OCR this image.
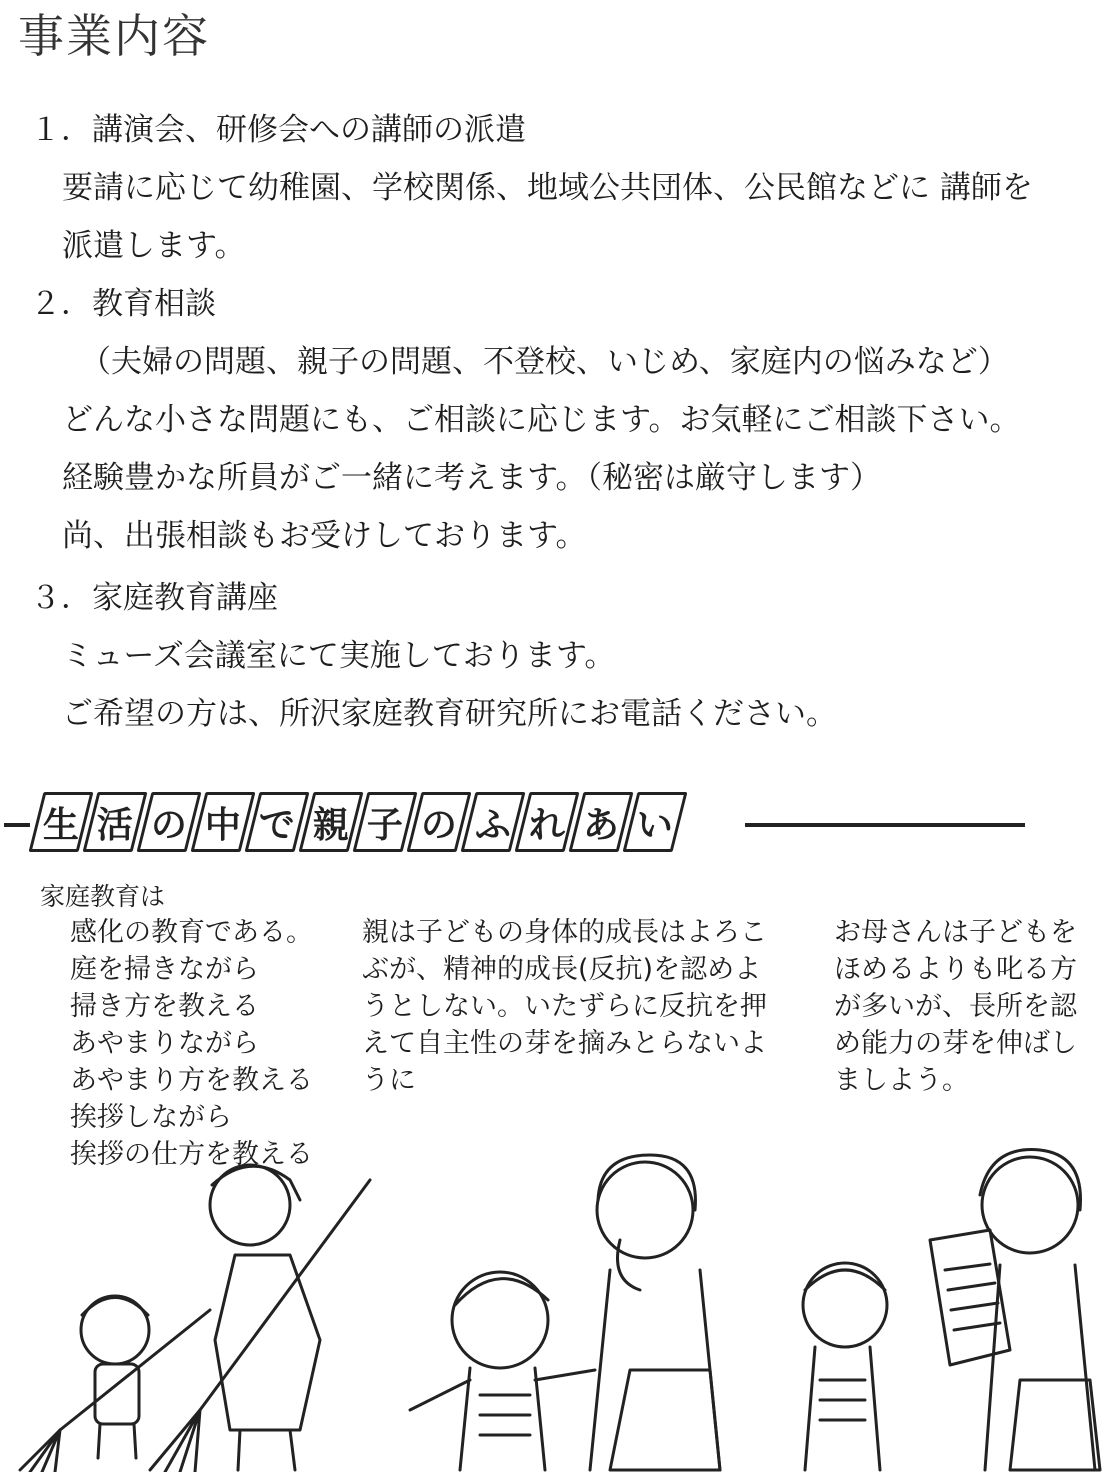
事業内容
１．講演会、研修会への講師の派遣
要請に応じて幼稚園、学校関係、地域公共団体、公民館などに 講師を
派遣します。
２．教育相談
（夫婦の問題、親子の問題、不登校、いじめ、家庭内の悩みなど）
どんな小さな問題にも、ご相談に応じます。お気軽にご相談下さい。
経験豊かな所員がご一緒に考えます。（秘密は厳守します）
尚、出張相談もお受けしております。
３．家庭教育講座
ミューズ会議室にて実施しております。
ご希望の方は、所沢家庭教育研究所にお電話ください。
生 活 の 中 で 親 子 の ふ れ あ い
家庭教育は
感化の教育である。
庭を掃きながら
掃き方を教える
あやまりながら
あやまり方を教える
挨拶しながら
挨拶の仕方を教える
親は子どもの身体的成長はよろこ
ぶが、精神的成長(反抗)を認めよ
うとしない。いたずらに反抗を押
えて自主性の芽を摘みとらないよ
うに
お母さんは子どもを
ほめるよりも叱る方
が多いが、長所を認
め能力の芽を伸ばし
ましよう。
